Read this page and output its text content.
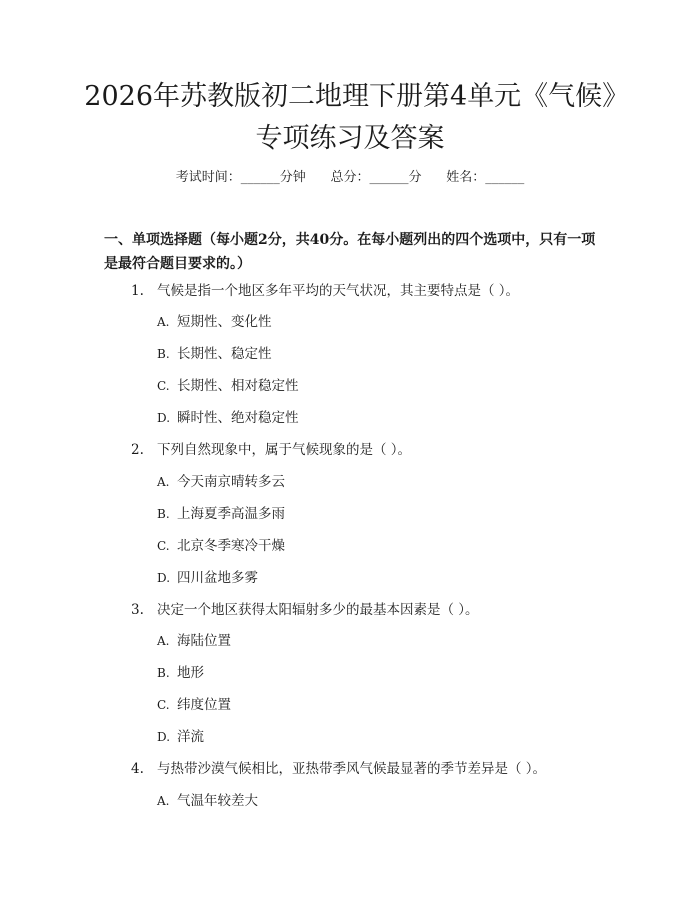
2026年苏教版初二地理下册第4单元《气候》专项练习及答案
考试时间：______分钟      总分：______分      姓名：______
一、单项选择题（每小题2分，共40分。在每小题列出的四个选项中，只有一项是最符合题目要求的。）
1. 气候是指一个地区多年平均的天气状况，其主要特点是（ ）。
A. 短期性、变化性
B. 长期性、稳定性
C. 长期性、相对稳定性
D. 瞬时性、绝对稳定性
2. 下列自然现象中，属于气候现象的是（ ）。
A. 今天南京晴转多云
B. 上海夏季高温多雨
C. 北京冬季寒冷干燥
D. 四川盆地多雾
3. 决定一个地区获得太阳辐射多少的最基本因素是（ ）。
A. 海陆位置
B. 地形
C. 纬度位置
D. 洋流
4. 与热带沙漠气候相比，亚热带季风气候最显著的季节差异是（ ）。
A. 气温年较差大
